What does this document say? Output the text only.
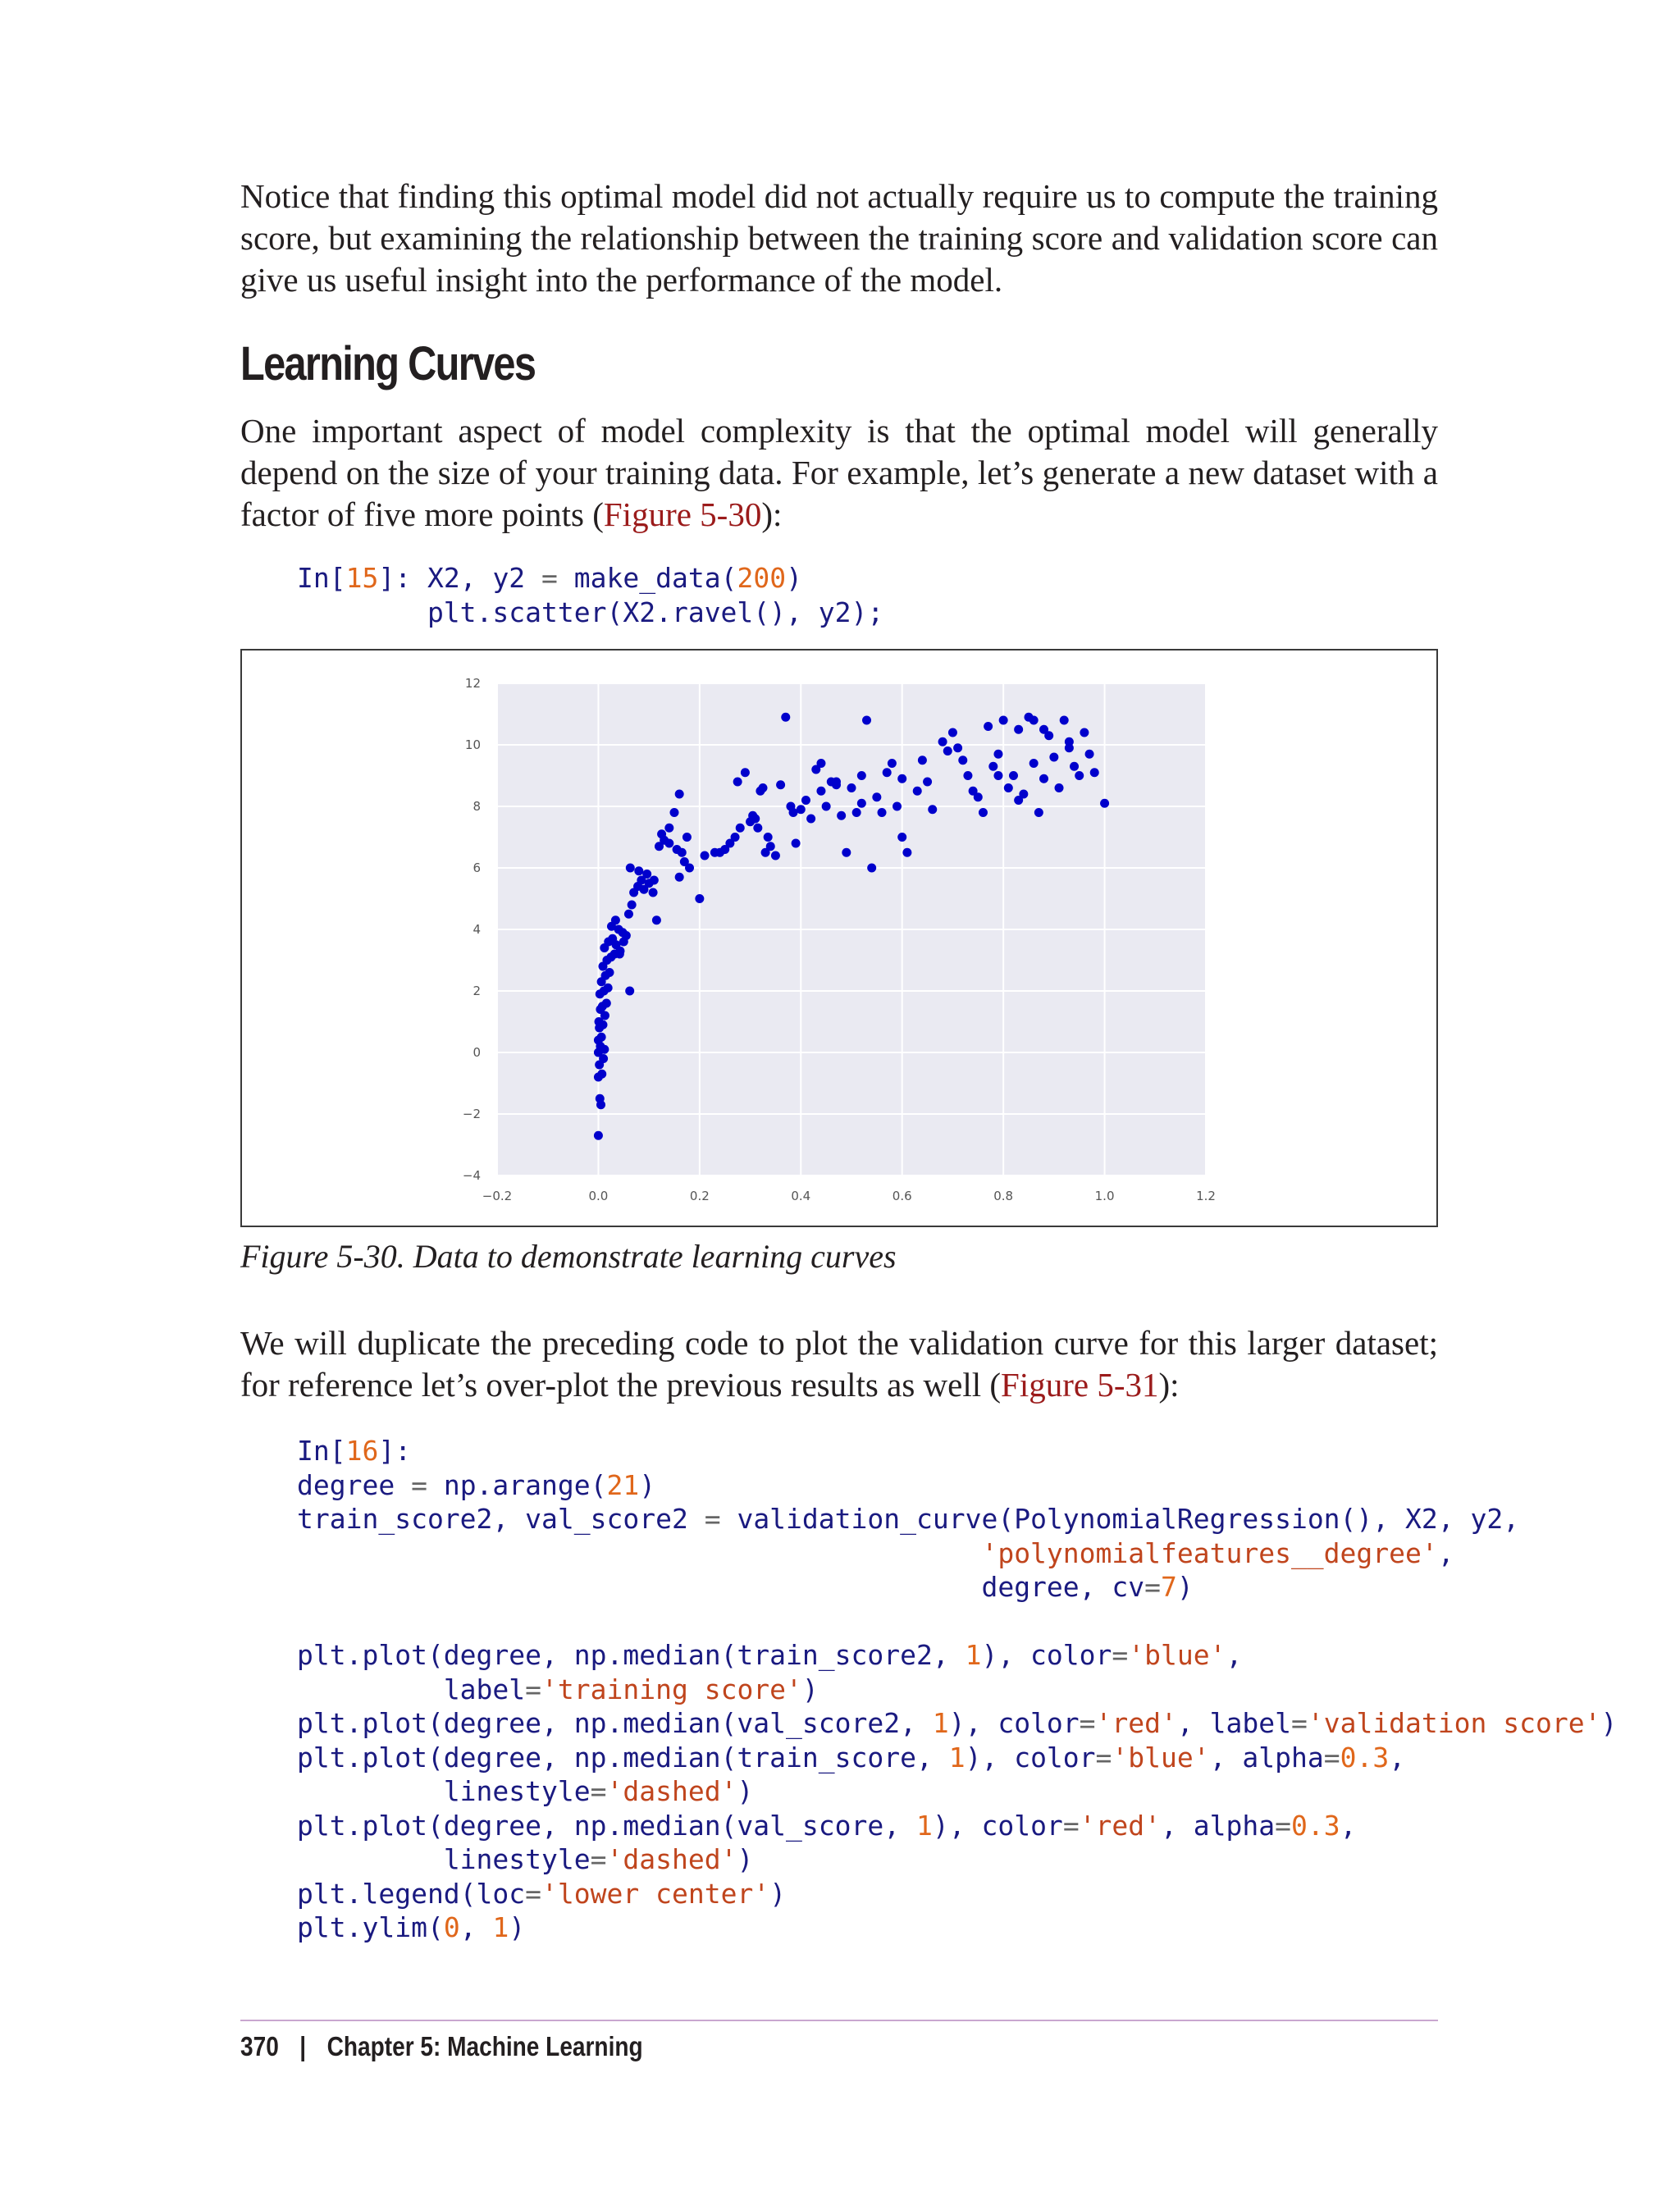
Notice that finding this optimal model did not actually require us to compute the training score, but examining the relationship between the training score and validation score can give us useful insight into the performance of the model.

Learning Curves

One important aspect of model complexity is that the optimal model will generally depend on the size of your training data. For example, let’s generate a new dataset with a factor of five more points (Figure 5-30):

In[15]: X2, y2 = make_data(200)
plt.scatter(X2.ravel(), y2);
−0.2	0.0	0.2	0.4	0.6	0.8	1.0	1.2
−4
−2
0
2
4
6
8
10
12

Figure 5-30. Data to demonstrate learning curves

We will duplicate the preceding code to plot the validation curve for this larger dataset; for reference let’s over-plot the previous results as well (Figure 5-31):

In[16]:
degree = np.arange(21)
train_score2, val_score2 = validation_curve(PolynomialRegression(), X2, y2,
'polynomialfeatures__degree',
degree, cv=7)

plt.plot(degree, np.median(train_score2, 1), color='blue',
label='training score')
plt.plot(degree, np.median(val_score2, 1), color='red', label='validation score')
plt.plot(degree, np.median(train_score, 1), color='blue', alpha=0.3,
linestyle='dashed')
plt.plot(degree, np.median(val_score, 1), color='red', alpha=0.3,
linestyle='dashed')
plt.legend(loc='lower center')
plt.ylim(0, 1)
370 | Chapter 5: Machine Learning
